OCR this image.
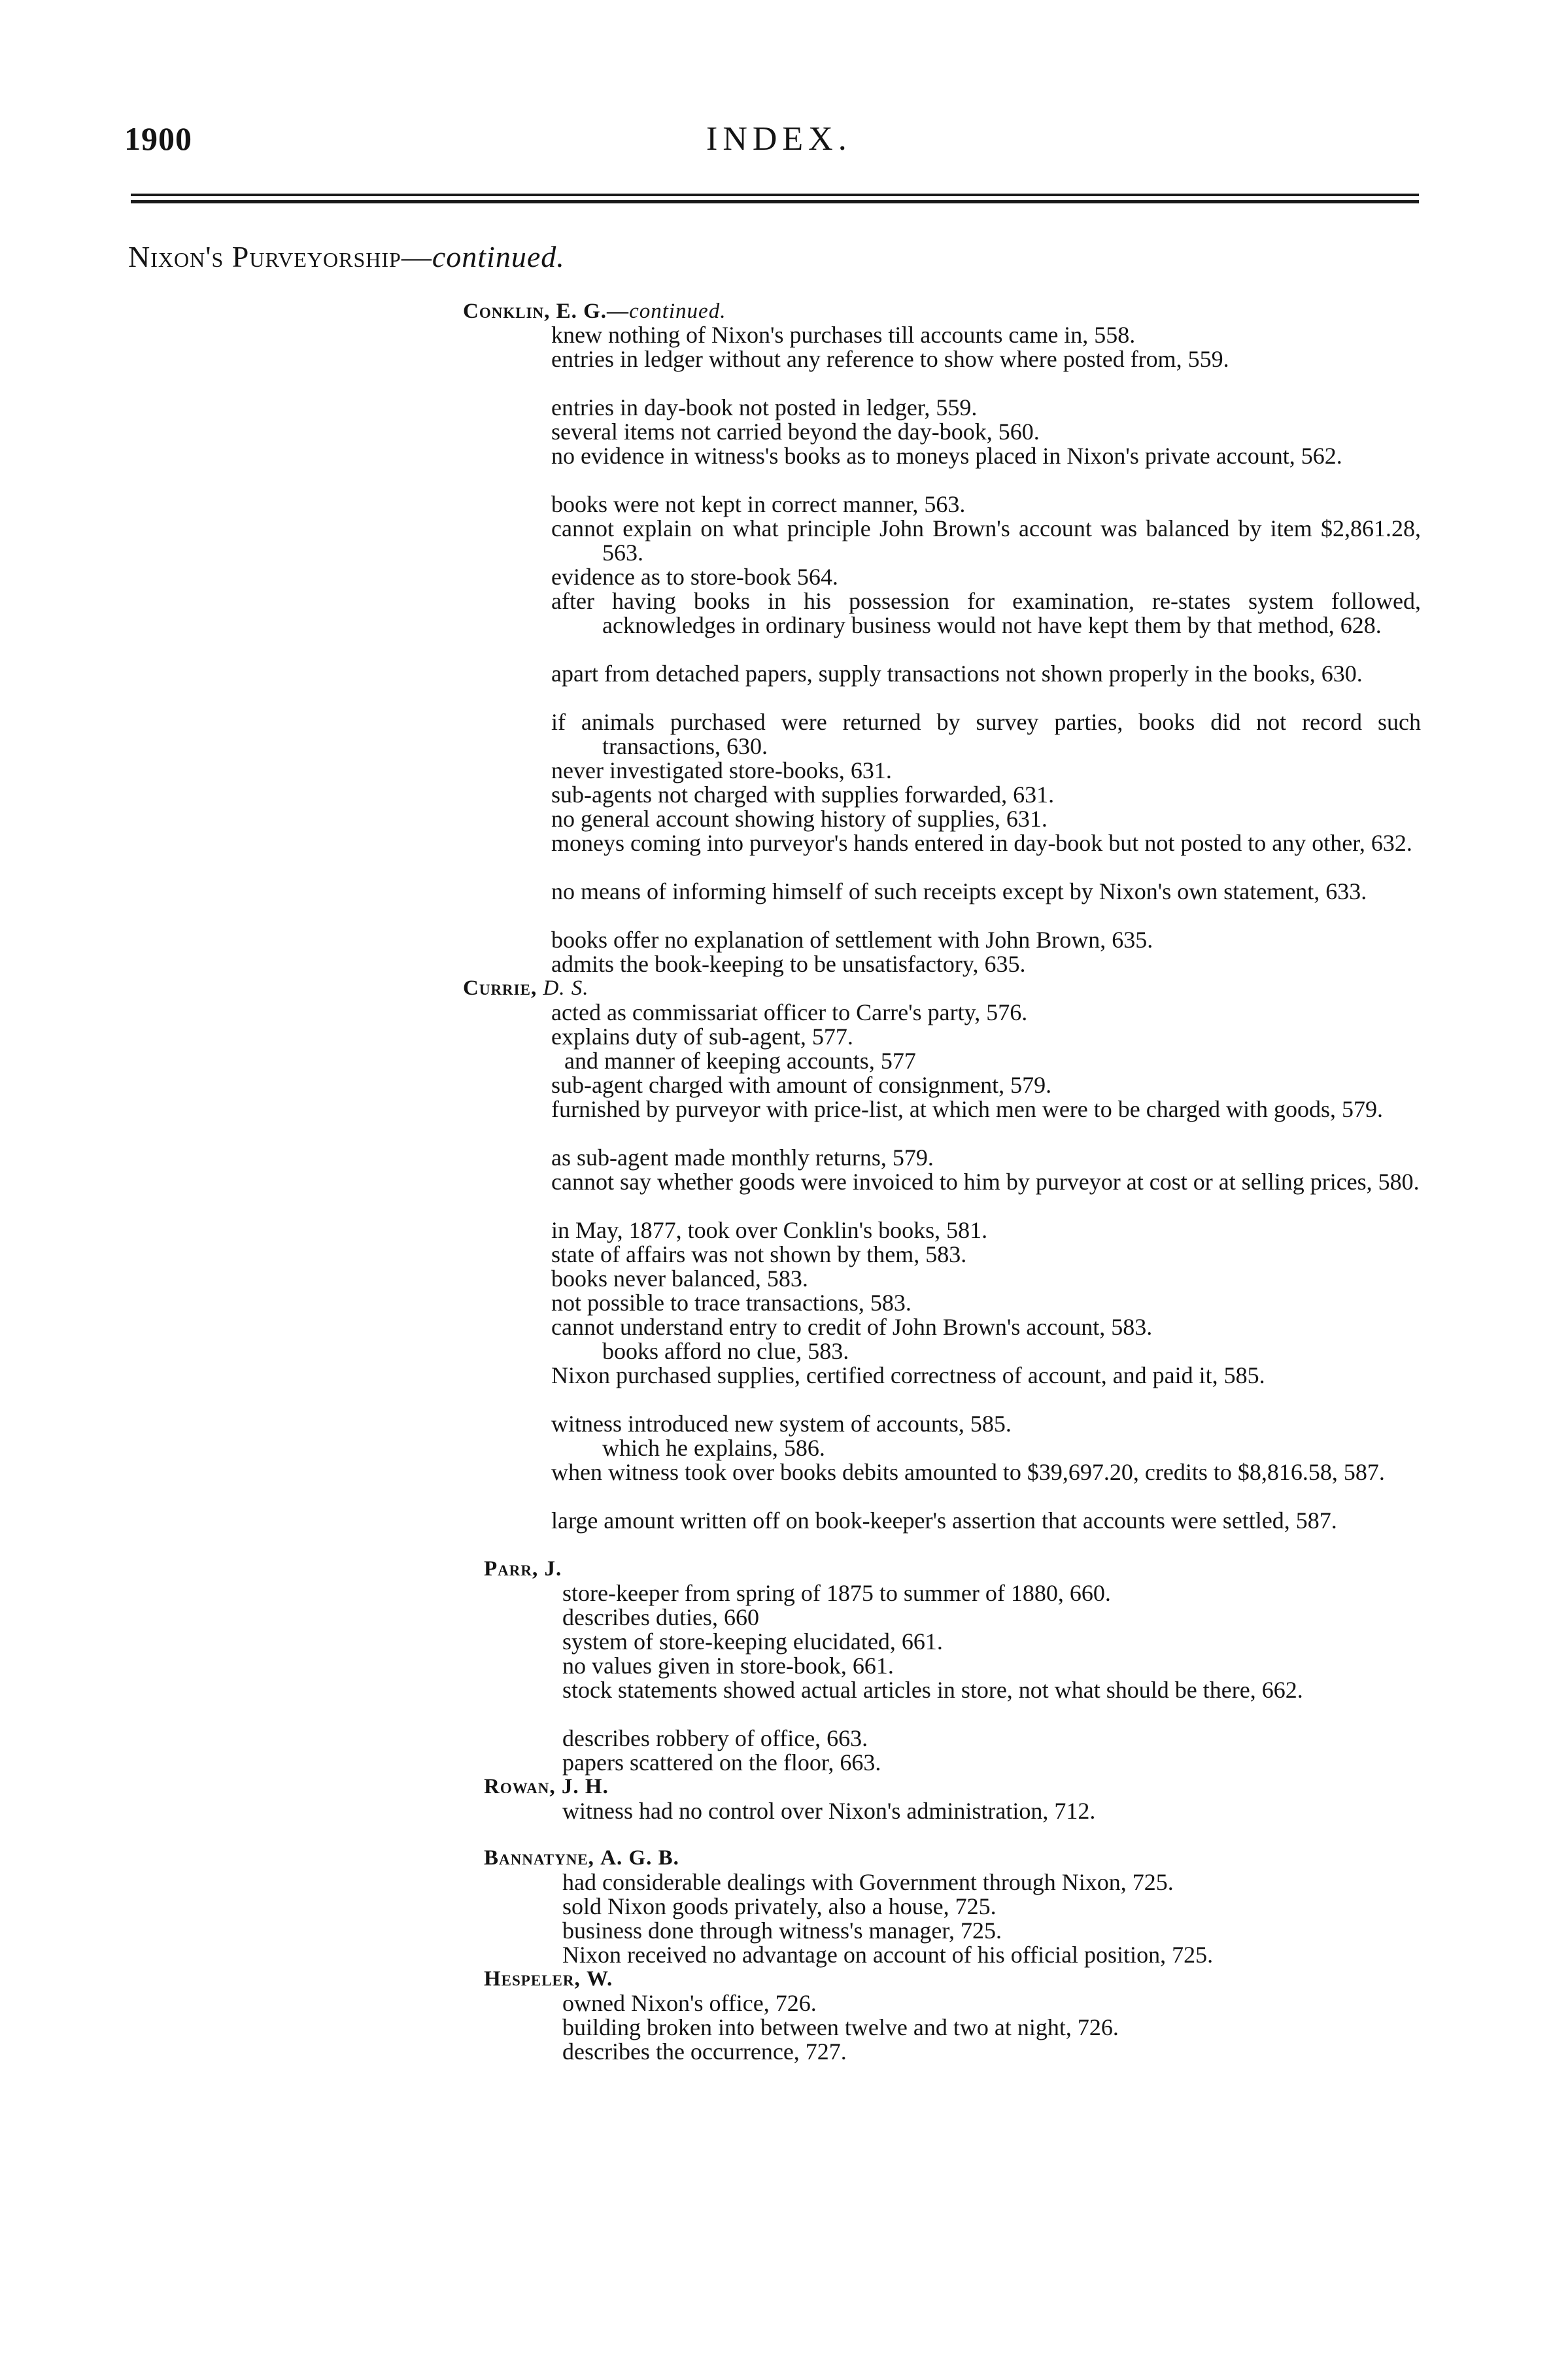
1900	INDEX.
Nixon's Purveyorship—continued.
Conklin, E. G.—continued.
knew nothing of Nixon's purchases till accounts came in, 558.
entries in ledger without any reference to show where posted from, 559.
entries in day-book not posted in ledger, 559.
several items not carried beyond the day-book, 560.
no evidence in witness's books as to moneys placed in Nixon's private account, 562.
books were not kept in correct manner, 563.
cannot explain on what principle John Brown's account was balanced by item $2,861.28, 563.
evidence as to store-book 564.
after having books in his possession for examination, re-states system followed, acknowledges in ordinary business would not have kept them by that method, 628.
apart from detached papers, supply transactions not shown properly in the books, 630.
if animals purchased were returned by survey parties, books did not record such transactions, 630.
never investigated store-books, 631.
sub-agents not charged with supplies forwarded, 631.
no general account showing history of supplies, 631.
moneys coming into purveyor's hands entered in day-book but not posted to any other, 632.
no means of informing himself of such receipts except by Nixon's own statement, 633.
books offer no explanation of settlement with John Brown, 635.
admits the book-keeping to be unsatisfactory, 635.
Currie, D. S.
acted as commissariat officer to Carre's party, 576.
explains duty of sub-agent, 577.
and manner of keeping accounts, 577
sub-agent charged with amount of consignment, 579.
furnished by purveyor with price-list, at which men were to be charged with goods, 579.
as sub-agent made monthly returns, 579.
cannot say whether goods were invoiced to him by purveyor at cost or at selling prices, 580.
in May, 1877, took over Conklin's books, 581.
state of affairs was not shown by them, 583.
books never balanced, 583.
not possible to trace transactions, 583.
cannot understand entry to credit of John Brown's account, 583.
books afford no clue, 583.
Nixon purchased supplies, certified correctness of account, and paid it, 585.
witness introduced new system of accounts, 585.
which he explains, 586.
when witness took over books debits amounted to $39,697.20, credits to $8,816.58, 587.
large amount written off on book-keeper's assertion that accounts were settled, 587.
Parr, J.
store-keeper from spring of 1875 to summer of 1880, 660.
describes duties, 660
system of store-keeping elucidated, 661.
no values given in store-book, 661.
stock statements showed actual articles in store, not what should be there, 662.
describes robbery of office, 663.
papers scattered on the floor, 663.
Rowan, J. H.
witness had no control over Nixon's administration, 712.
Bannatyne, A. G. B.
had considerable dealings with Government through Nixon, 725.
sold Nixon goods privately, also a house, 725.
business done through witness's manager, 725.
Nixon received no advantage on account of his official position, 725.
Hespeler, W.
owned Nixon's office, 726.
building broken into between twelve and two at night, 726.
describes the occurrence, 727.
